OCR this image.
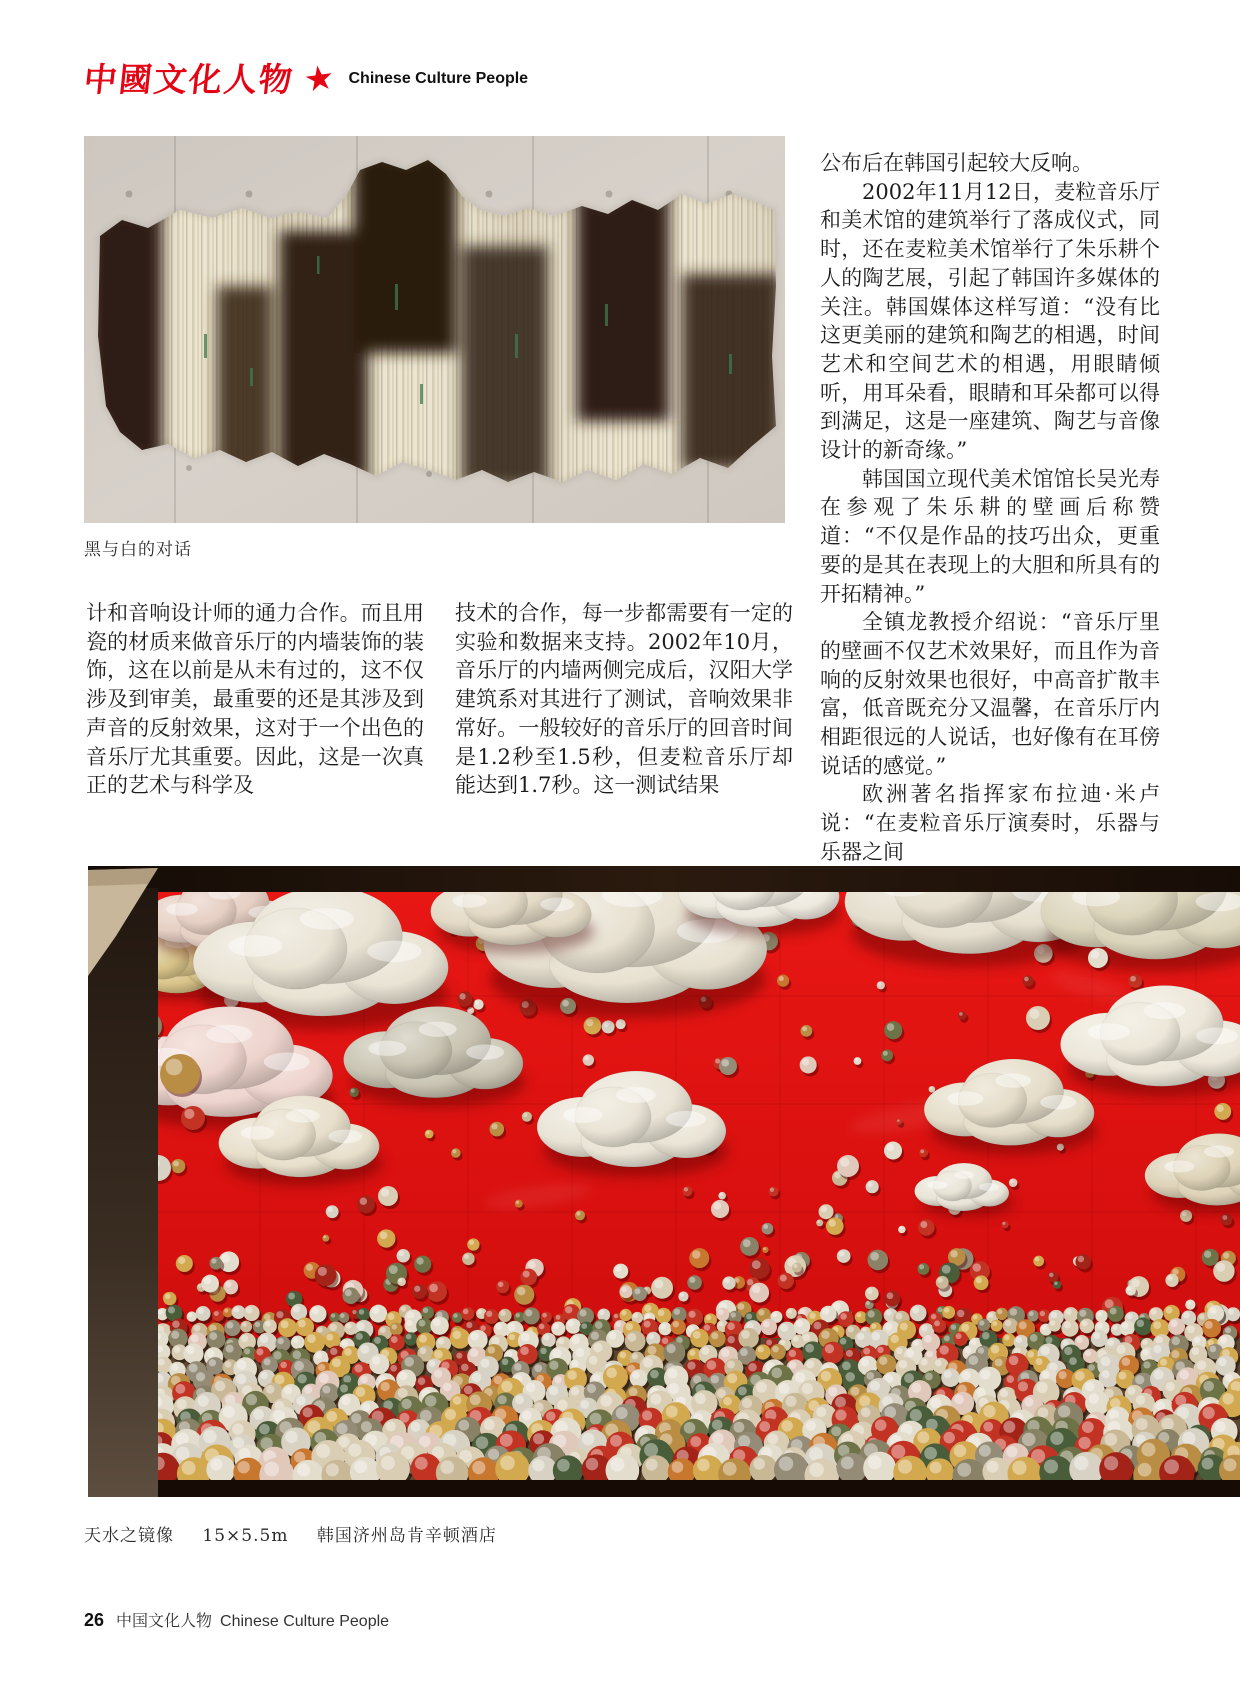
中國文化人物 ★ Chinese Culture People
黑与白的对话

计和音响设计师的通力合作。而且用瓷的材质来做音乐厅的内墙装饰的装饰，这在以前是从未有过的，这不仅涉及到审美，最重要的还是其涉及到声音的反射效果，这对于一个出色的音乐厅尤其重要。因此，这是一次真正的艺术与科学及

技术的合作，每一步都需要有一定的实验和数据来支持。2002年10月，音乐厅的内墙两侧完成后，汉阳大学建筑系对其进行了测试，音响效果非常好。一般较好的音乐厅的回音时间是1.2秒至1.5秒，但麦粒音乐厅却能达到1.7秒。这一测试结果

公布后在韩国引起较大反响。

2002年11月12日，麦粒音乐厅和美术馆的建筑举行了落成仪式，同时，还在麦粒美术馆举行了朱乐耕个人的陶艺展，引起了韩国许多媒体的关注。韩国媒体这样写道：“没有比这更美丽的建筑和陶艺的相遇，时间艺术和空间艺术的相遇，用眼睛倾听，用耳朵看，眼睛和耳朵都可以得到满足，这是一座建筑、陶艺与音像设计的新奇缘。”

韩国国立现代美术馆馆长吴光寿在参观了朱乐耕的壁画后称赞道：“不仅是作品的技巧出众，更重要的是其在表现上的大胆和所具有的开拓精神。”

全镇龙教授介绍说：“音乐厅里的壁画不仅艺术效果好，而且作为音响的反射效果也很好，中高音扩散丰富，低音既充分又温馨，在音乐厅内相距很远的人说话，也好像有在耳傍说话的感觉。”

欧洲著名指挥家布拉迪·米卢说：“在麦粒音乐厅演奏时，乐器与乐器之间

天水之镜像 15×5.5m 韩国济州岛肯辛顿酒店
26 中国文化人物 Chinese Culture People
